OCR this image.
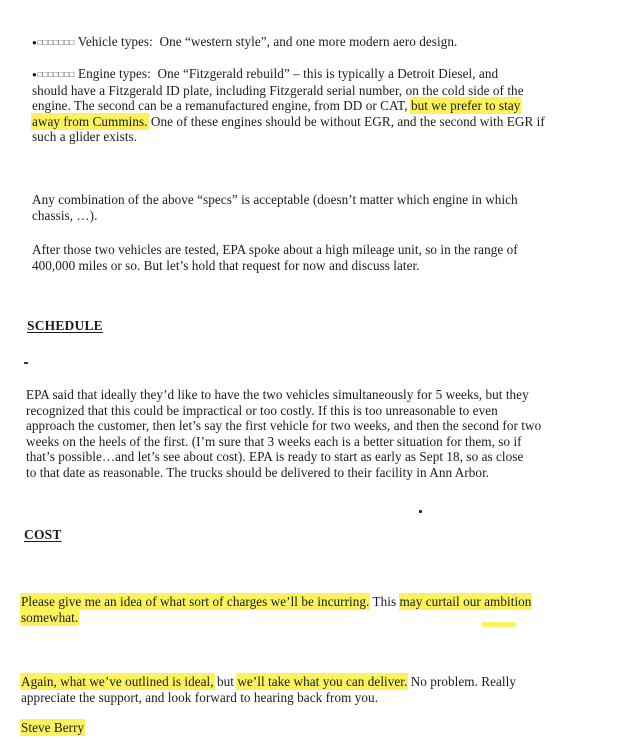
●□□□□□□□ Vehicle types: One “western style”, and one more modern aero design.

●□□□□□□□ Engine types: One “Fitzgerald rebuild” – this is typically a Detroit Diesel, and
should have a Fitzgerald ID plate, including Fitzgerald serial number, on the cold side of the
engine. The second can be a remanufactured engine, from DD or CAT, but we prefer to stay
away from Cummins. One of these engines should be without EGR, and the second with EGR if
such a glider exists.

Any combination of the above “specs” is acceptable (doesn’t matter which engine in which
chassis, …).

After those two vehicles are tested, EPA spoke about a high mileage unit, so in the range of
400,000 miles or so. But let’s hold that request for now and discuss later.

SCHEDULE

EPA said that ideally they’d like to have the two vehicles simultaneously for 5 weeks, but they
recognized that this could be impractical or too costly. If this is too unreasonable to even
approach the customer, then let’s say the first vehicle for two weeks, and then the second for two
weeks on the heels of the first. (I’m sure that 3 weeks each is a better situation for them, so if
that’s possible…and let’s see about cost). EPA is ready to start as early as Sept 18, so as close
to that date as reasonable. The trucks should be delivered to their facility in Ann Arbor.

COST

Please give me an idea of what sort of charges we’ll be incurring. This may curtail our ambition
somewhat.

Again, what we’ve outlined is ideal, but we’ll take what you can deliver. No problem. Really
appreciate the support, and look forward to hearing back from you.

Steve Berry
